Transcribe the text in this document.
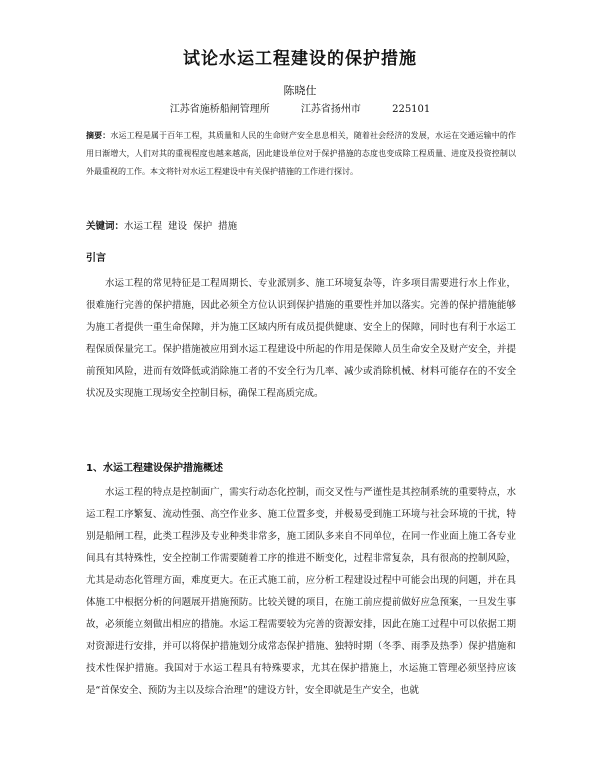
试论水运工程建设的保护措施
陈晓仕
江苏省施桥船闸管理所	江苏省扬州市	225101
摘要：水运工程是属于百年工程，其质量和人民的生命财产安全息息相关，随着社会经济的发展，水运在交通运输中的作用日渐增大，人们对其的重视程度也越来越高，因此建设单位对于保护措施的态度也变成除工程质量、进度及投资控制以外最重视的工作。本文将针对水运工程建设中有关保护措施的工作进行探讨。
关键词：水运工程  建设  保护  措施
引言

水运工程的常见特征是工程周期长、专业派别多、施工环境复杂等，许多项目需要进行水上作业，很难施行完善的保护措施，因此必须全方位认识到保护措施的重要性并加以落实。完善的保护措施能够为施工者提供一重生命保障，并为施工区域内所有成员提供健康、安全上的保障，同时也有利于水运工程保质保量完工。保护措施被应用到水运工程建设中所起的作用是保障人员生命安全及财产安全，并提前预知风险，进而有效降低或消除施工者的不安全行为几率、减少或消除机械、材料可能存在的不安全状况及实现施工现场安全控制目标，确保工程高质完成。

1、水运工程建设保护措施概述

水运工程的特点是控制面广，需实行动态化控制，而交叉性与严谨性是其控制系统的重要特点，水运工程工序繁复、流动性强、高空作业多、施工位置多变，并极易受到施工环境与社会环境的干扰，特别是船闸工程，此类工程涉及专业种类非常多，施工团队多来自不同单位，在同一作业面上施工各专业间具有其特殊性，安全控制工作需要随着工序的推进不断变化，过程非常复杂，具有很高的控制风险，尤其是动态化管理方面，难度更大。在正式施工前，应分析工程建设过程中可能会出现的问题，并在具体施工中根据分析的问题展开措施预防。比较关键的项目，在施工前应提前做好应急预案，一旦发生事故，必须能立刻做出相应的措施。水运工程需要较为完善的资源安排，因此在施工过程中可以依据工期对资源进行安排，并可以将保护措施划分成常态保护措施、独特时期（冬季、雨季及热季）保护措施和技术性保护措施。我国对于水运工程具有特殊要求，尤其在保护措施上，水运施工管理必须坚持应该是“首保安全、预防为主以及综合治理”的建设方针，安全即就是生产安全，也就
